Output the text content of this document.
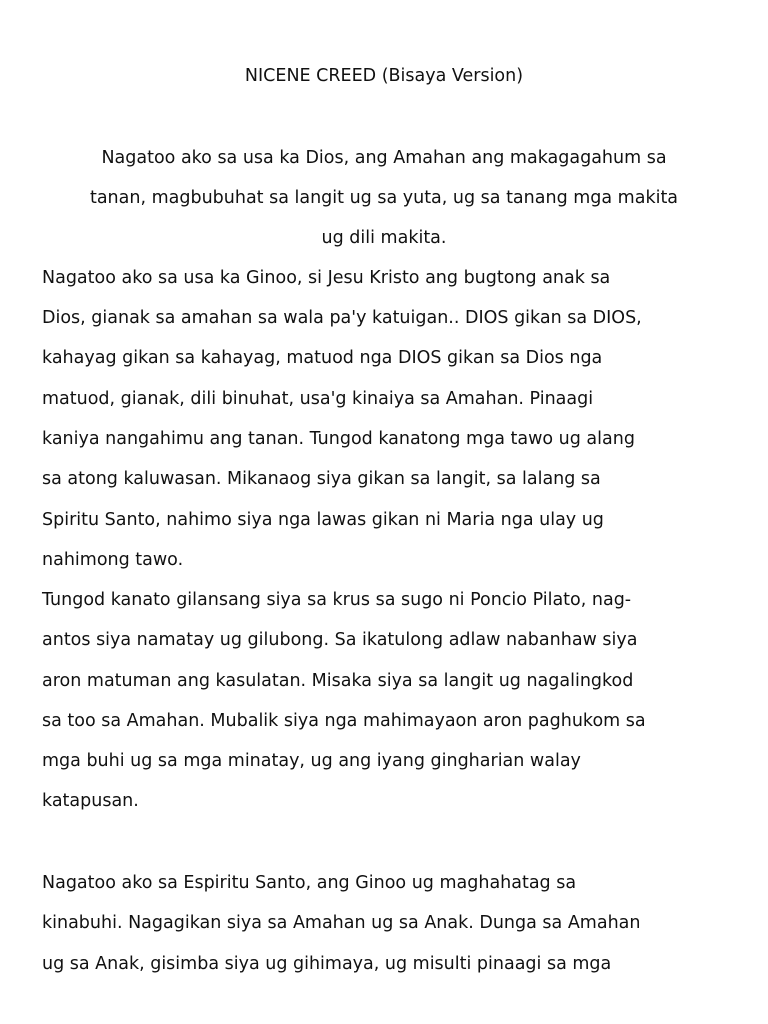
NICENE CREED (Bisaya Version)
Nagatoo ako sa usa ka Dios, ang Amahan ang makagagahum sa
tanan, magbubuhat sa langit ug sa yuta, ug sa tanang mga makita
ug dili makita.
Nagatoo ako sa usa ka Ginoo, si Jesu Kristo ang bugtong anak sa
Dios, gianak sa amahan sa wala pa'y katuigan.. DIOS gikan sa DIOS,
kahayag gikan sa kahayag, matuod nga DIOS gikan sa Dios nga
matuod, gianak, dili binuhat, usa'g kinaiya sa Amahan. Pinaagi
kaniya nangahimu ang tanan. Tungod kanatong mga tawo ug alang
sa atong kaluwasan. Mikanaog siya gikan sa langit, sa lalang sa
Spiritu Santo, nahimo siya nga lawas gikan ni Maria nga ulay ug
nahimong tawo.
Tungod kanato gilansang siya sa krus sa sugo ni Poncio Pilato, nag-
antos siya namatay ug gilubong. Sa ikatulong adlaw nabanhaw siya
aron matuman ang kasulatan. Misaka siya sa langit ug nagalingkod
sa too sa Amahan. Mubalik siya nga mahimayaon aron paghukom sa
mga buhi ug sa mga minatay, ug ang iyang gingharian walay
katapusan.
Nagatoo ako sa Espiritu Santo, ang Ginoo ug maghahatag sa
kinabuhi. Nagagikan siya sa Amahan ug sa Anak. Dunga sa Amahan
ug sa Anak, gisimba siya ug gihimaya, ug misulti pinaagi sa mga
